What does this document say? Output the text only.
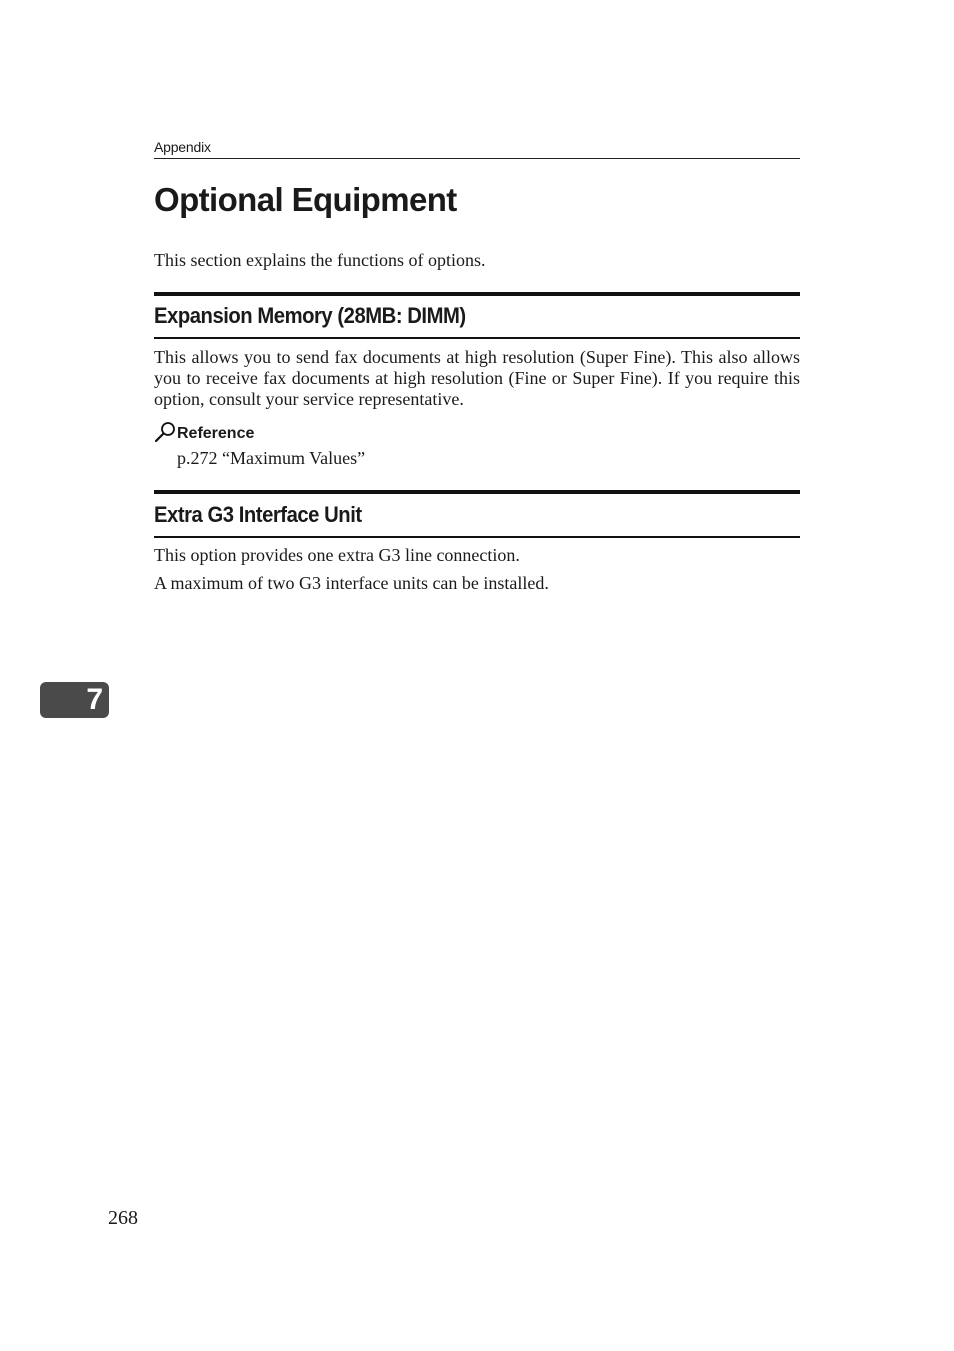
Appendix
Optional Equipment
This section explains the functions of options.
Expansion Memory (28MB: DIMM)

This allows you to send fax documents at high resolution (Super Fine). This also allows you to receive fax documents at high resolution (Fine or Super Fine). If you require this option, consult your service representative.

Reference
p.272 “Maximum Values”
Extra G3 Interface Unit

This option provides one extra G3 line connection.

A maximum of two G3 interface units can be installed.

7
268
